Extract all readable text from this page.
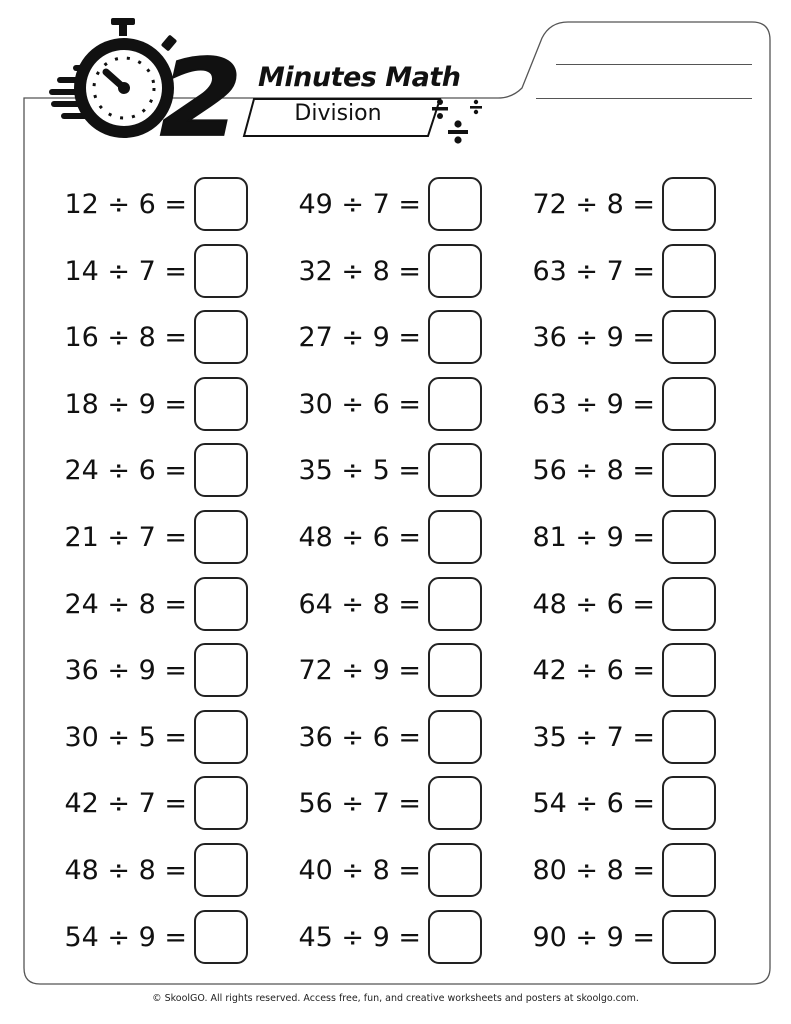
2 Minutes Math
Division
12 ÷ 6 =
14 ÷ 7 =
16 ÷ 8 =
18 ÷ 9 =
24 ÷ 6 =
21 ÷ 7 =
24 ÷ 8 =
36 ÷ 9 =
30 ÷ 5 =
42 ÷ 7 =
48 ÷ 8 =
54 ÷ 9 =
49 ÷ 7 =
32 ÷ 8 =
27 ÷ 9 =
30 ÷ 6 =
35 ÷ 5 =
48 ÷ 6 =
64 ÷ 8 =
72 ÷ 9 =
36 ÷ 6 =
56 ÷ 7 =
40 ÷ 8 =
45 ÷ 9 =
72 ÷ 8 =
63 ÷ 7 =
36 ÷ 9 =
63 ÷ 9 =
56 ÷ 8 =
81 ÷ 9 =
48 ÷ 6 =
42 ÷ 6 =
35 ÷ 7 =
54 ÷ 6 =
80 ÷ 8 =
90 ÷ 9 =
© SkoolGO. All rights reserved. Access free, fun, and creative worksheets and posters at skoolgo.com.
